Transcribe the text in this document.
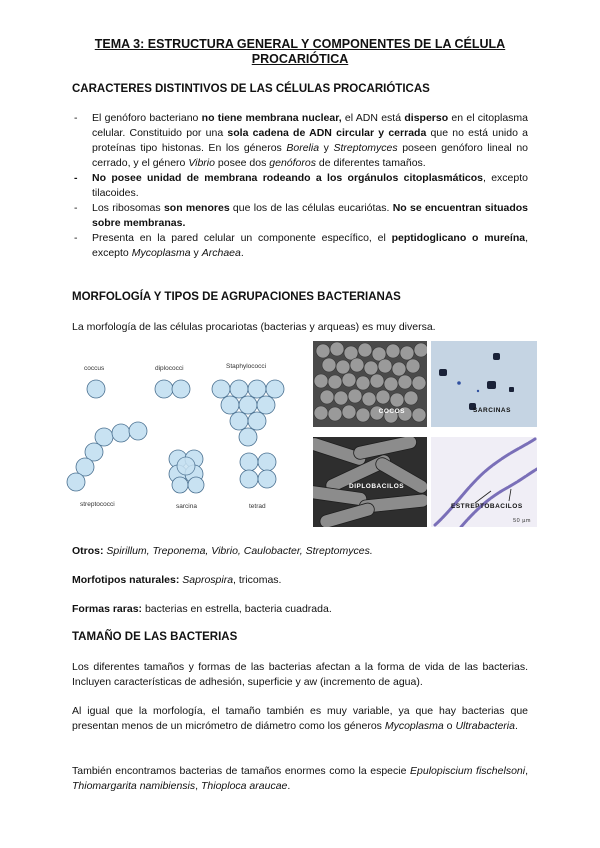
TEMA 3: ESTRUCTURA GENERAL Y COMPONENTES DE LA CÉLULA
PROCARIÓTICA
CARACTERES DISTINTIVOS DE LAS CÉLULAS PROCARIÓTICAS
- El genóforo bacteriano no tiene membrana nuclear, el ADN está disperso en el citoplasma celular. Constituido por una sola cadena de ADN circular y cerrada que no está unido a proteínas tipo histonas. En los géneros Borelia y Streptomyces poseen genóforo lineal no cerrado, y el género Vibrio posee dos genóforos de diferentes tamaños.
- No posee unidad de membrana rodeando a los orgánulos citoplasmáticos, excepto tilacoides.
- Los ribosomas son menores que los de las células eucariótas. No se encuentran situados sobre membranas.
- Presenta en la pared celular un componente específico, el peptidoglicano o mureína, excepto Mycoplasma y Archaea.
MORFOLOGÍA Y TIPOS DE AGRUPACIONES BACTERIANAS
La morfología de las células procariotas (bacterias y arqueas) es muy diversa.
coccus	diplococci	Staphylococci
streptococci	sarcina	tetrad
COCOS	SARCINAS
DIPLOBACILOS
ESTREPTOBACILOS
50 µm
Otros: Spirillum, Treponema, Vibrio, Caulobacter, Streptomyces.
Morfotipos naturales: Saprospira, tricomas.
Formas raras: bacterias en estrella, bacteria cuadrada.
TAMAÑO DE LAS BACTERIAS
Los diferentes tamaños y formas de las bacterias afectan a la forma de vida de las bacterias. Incluyen características de adhesión, superficie y aw (incremento de agua).
Al igual que la morfología, el tamaño también es muy variable, ya que hay bacterias que presentan menos de un micrómetro de diámetro como los géneros Mycoplasma o Ultrabacteria.
También encontramos bacterias de tamaños enormes como la especie Epulopiscium fischelsoni, Thiomargarita namibiensis, Thioploca araucae.
